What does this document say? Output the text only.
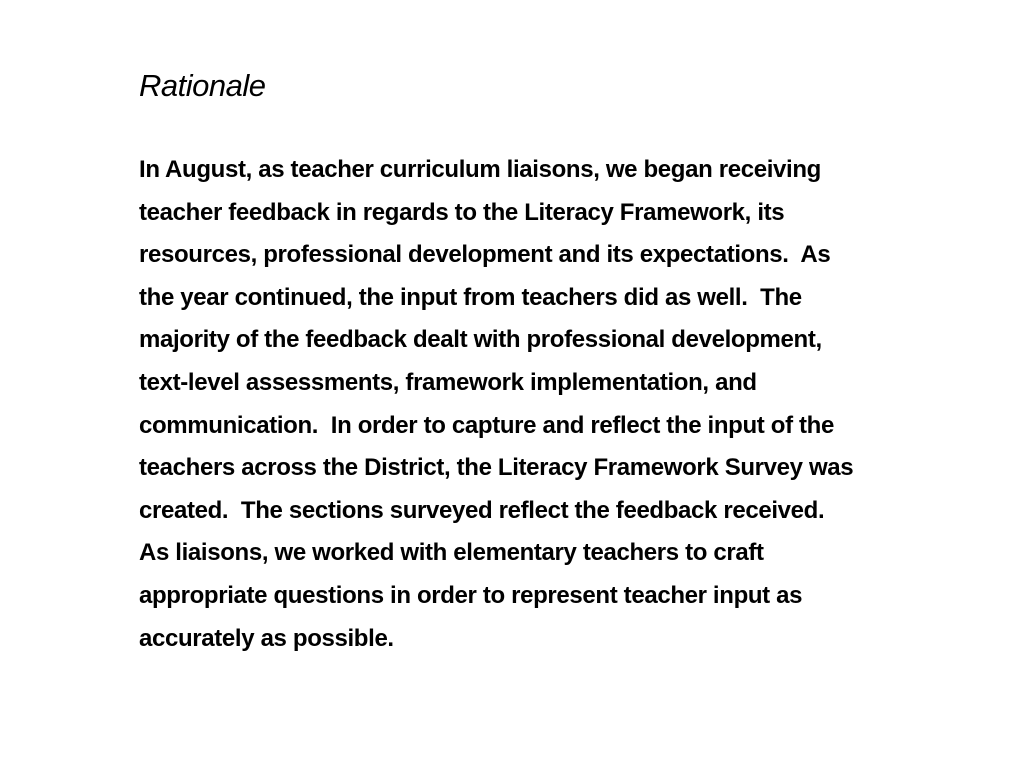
Rationale
In August, as teacher curriculum liaisons, we began receiving
teacher feedback in regards to the Literacy Framework, its
resources, professional development and its expectations.  As
the year continued, the input from teachers did as well.  The
majority of the feedback dealt with professional development,
text-level assessments, framework implementation, and
communication.  In order to capture and reflect the input of the
teachers across the District, the Literacy Framework Survey was
created.  The sections surveyed reflect the feedback received.
As liaisons, we worked with elementary teachers to craft
appropriate questions in order to represent teacher input as
accurately as possible.
